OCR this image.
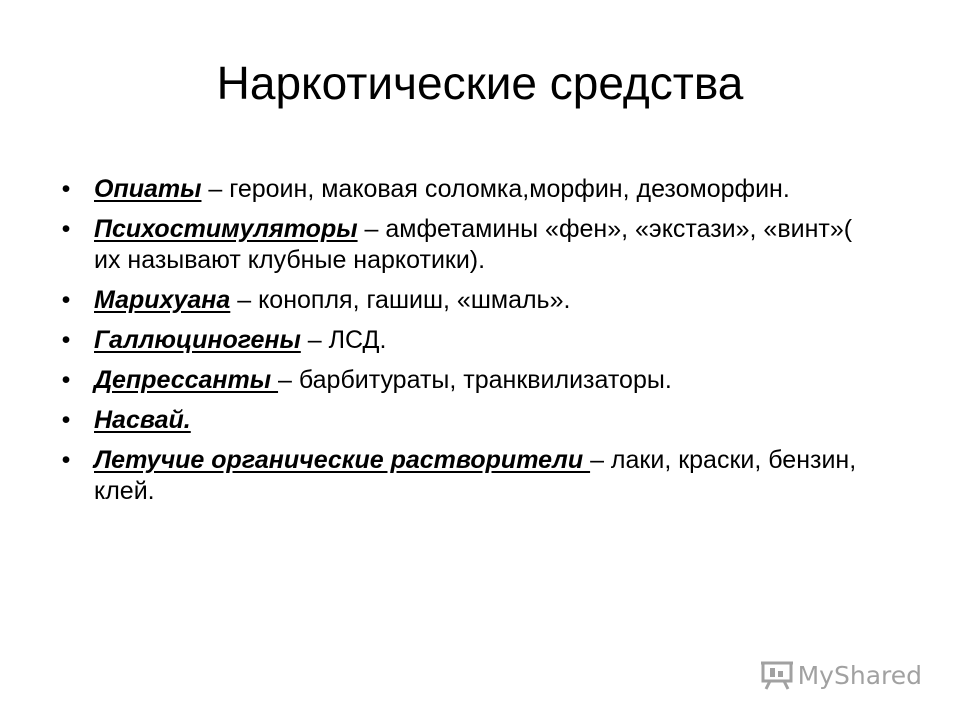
Наркотические средства
• Опиаты – героин, маковая соломка,морфин, дезоморфин.
• Психостимуляторы – амфетамины «фен», «экстази», «винт»( их называют клубные наркотики).
• Марихуана – конопля, гашиш, «шмаль».
• Галлюциногены – ЛСД.
• Депрессанты – барбитураты, транквилизаторы.
• Насвай.
• Летучие органические растворители – лаки, краски, бензин, клей.
MyShared
